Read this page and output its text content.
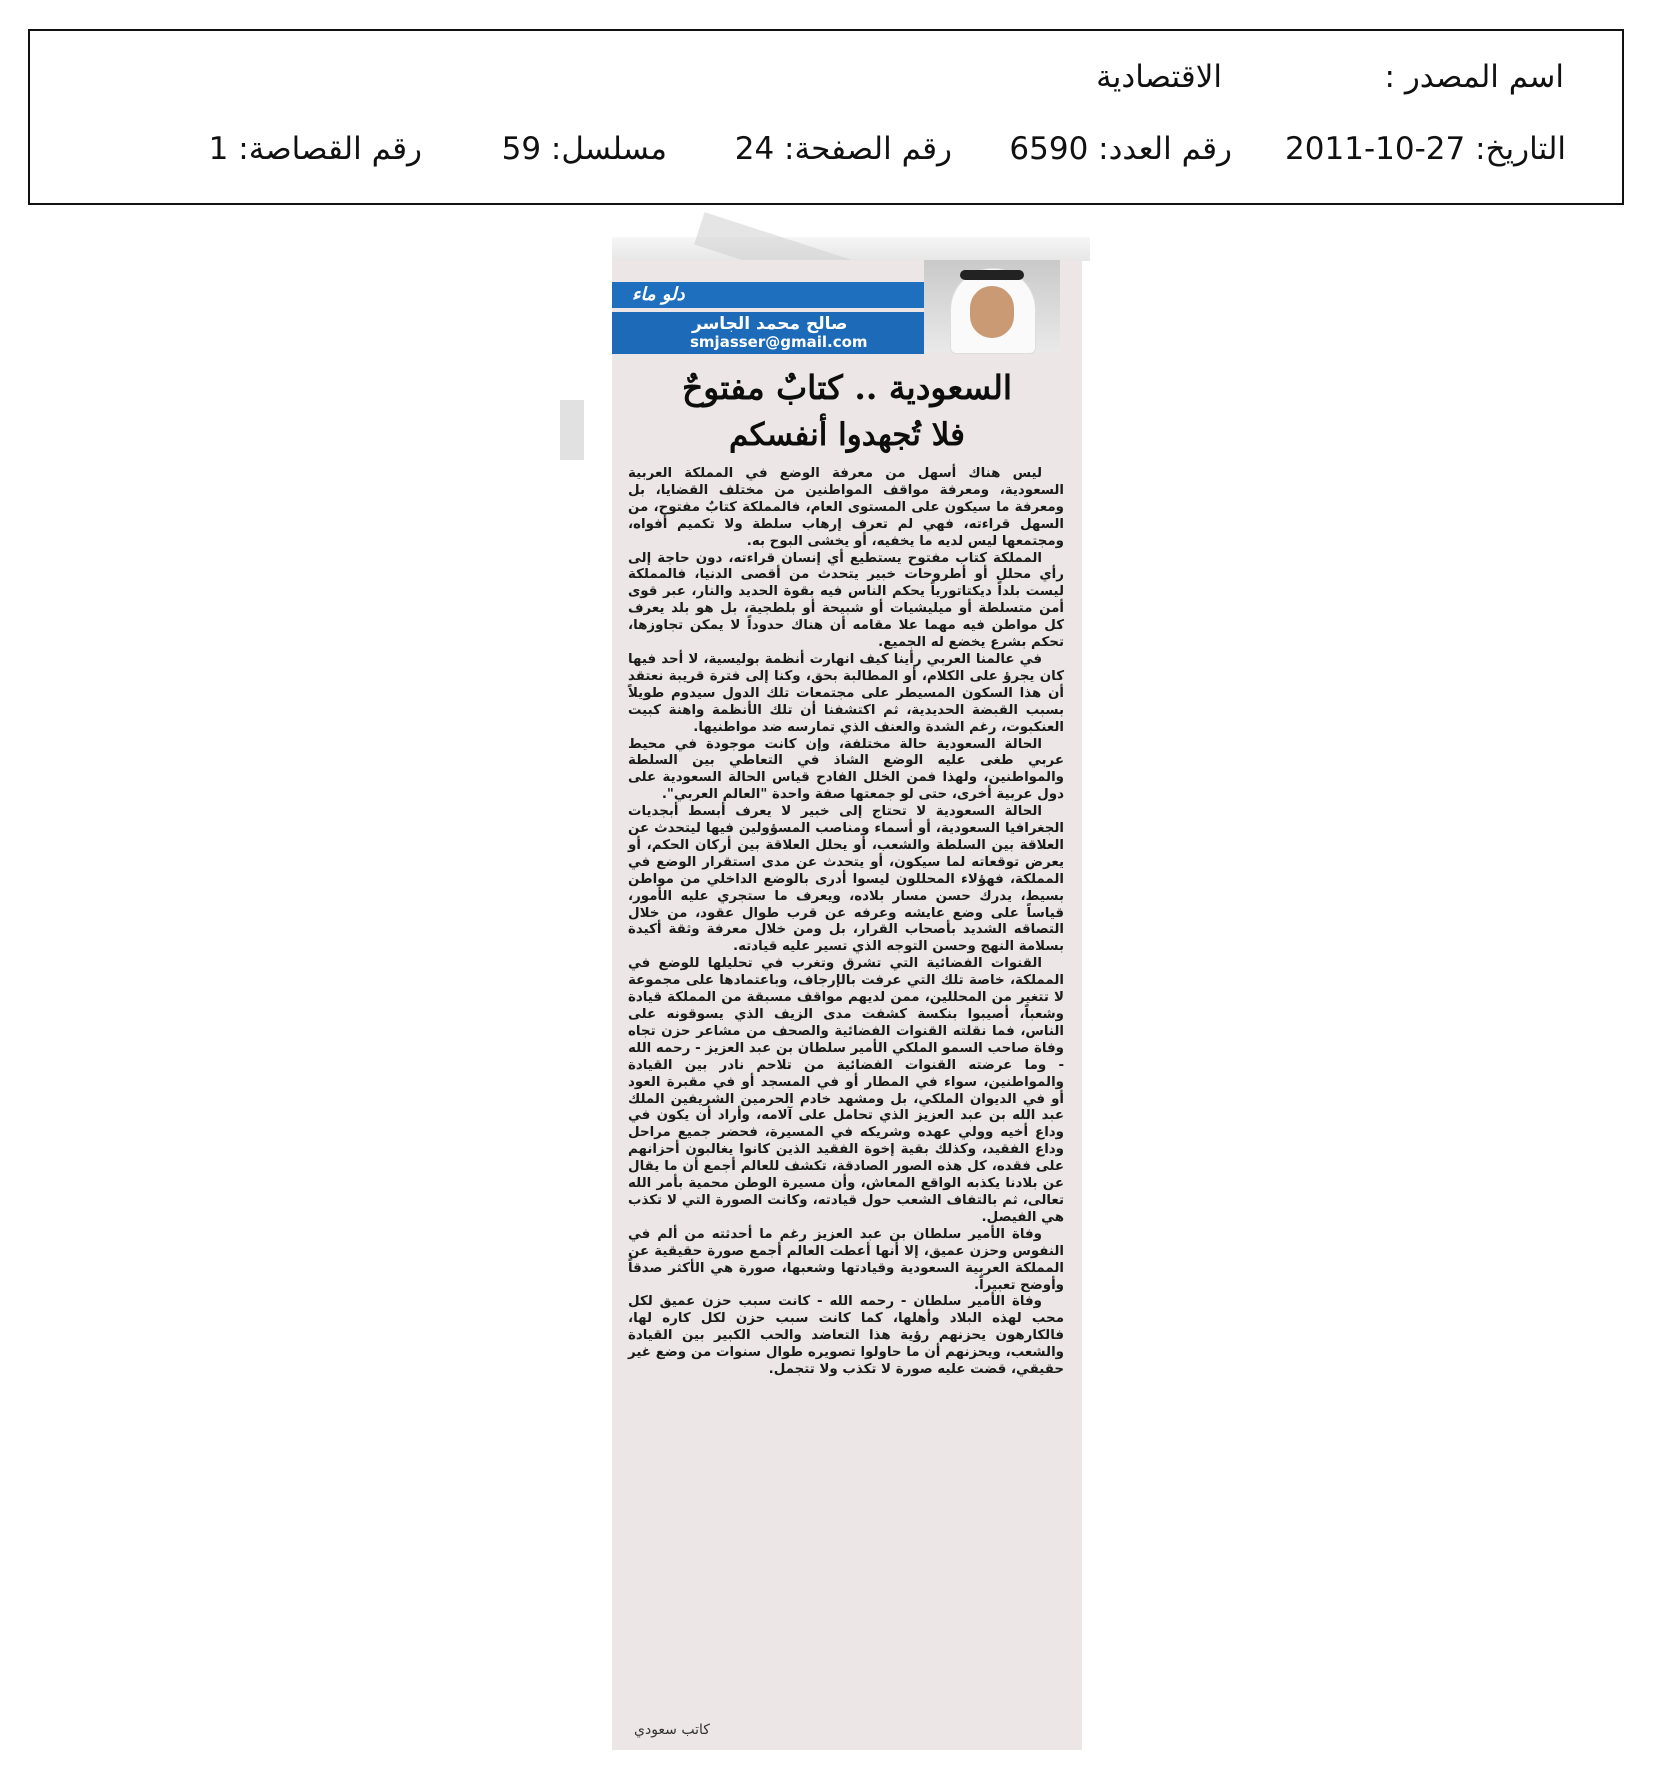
اسم المصدر :
الاقتصادية
التاريخ: 27-10-2011
رقم العدد: 6590
رقم الصفحة: 24
مسلسل: 59
رقم القصاصة: 1
دلو ماء
صالح محمد الجاسر
smjasser@gmail.com
السعودية .. كتابٌ مفتوحٌ
فلا تُجهدوا أنفسكم

ليس هناك أسهل من معرفة الوضع في المملكة العربية السعودية، ومعرفة مواقف المواطنين من مختلف القضايا، بل ومعرفة ما سيكون على المستوى العام، فالمملكة كتابٌ مفتوح، من السهل قراءته، فهي لم تعرف إرهاب سلطة ولا تكميم أفواه، ومجتمعها ليس لديه ما يخفيه، أو يخشى البوح به.

المملكة كتاب مفتوح يستطيع أي إنسان قراءته، دون حاجة إلى رأي محلل أو أطروحات خبير يتحدث من أقصى الدنيا، فالمملكة ليست بلداً ديكتاتورياً يحكم الناس فيه بقوة الحديد والنار، عبر قوى أمن متسلطة أو ميليشيات أو شبيحة أو بلطجية، بل هو بلد يعرف كل مواطن فيه مهما علا مقامه أن هناك حدوداً لا يمكن تجاوزها، تحكم بشرع يخضع له الجميع.

في عالمنا العربي رأينا كيف انهارت أنظمة بوليسية، لا أحد فيها كان يجرؤ على الكلام، أو المطالبة بحق، وكنا إلى فترة قريبة نعتقد أن هذا السكون المسيطر على مجتمعات تلك الدول سيدوم طويلاً بسبب القبضة الحديدية، ثم اكتشفنا أن تلك الأنظمة واهنة كبيت العنكبوت، رغم الشدة والعنف الذي تمارسه ضد مواطنيها.

الحالة السعودية حالة مختلفة، وإن كانت موجودة في محيط عربي طغى عليه الوضع الشاذ في التعاطي بين السلطة والمواطنين، ولهذا فمن الخلل الفادح قياس الحالة السعودية على دول عربية أخرى، حتى لو جمعتها صفة واحدة "العالم العربي".

الحالة السعودية لا تحتاج إلى خبير لا يعرف أبسط أبجديات الجغرافيا السعودية، أو أسماء ومناصب المسؤولين فيها ليتحدث عن العلاقة بين السلطة والشعب، أو يحلل العلاقة بين أركان الحكم، أو يعرض توقعاته لما سيكون، أو يتحدث عن مدى استقرار الوضع في المملكة، فهؤلاء المحللون ليسوا أدرى بالوضع الداخلي من مواطن بسيط، يدرك حسن مسار بلاده، ويعرف ما ستجري عليه الأمور، قياساً على وضع عايشه وعرفه عن قرب طوال عقود، من خلال التصاقه الشديد بأصحاب القرار، بل ومن خلال معرفة وثقة أكيدة بسلامة النهج وحسن التوجه الذي تسير عليه قيادته.

القنوات الفضائية التي تشرق وتغرب في تحليلها للوضع في المملكة، خاصة تلك التي عرفت بالإرجاف، وباعتمادها على مجموعة لا تتغير من المحللين، ممن لديهم مواقف مسبقة من المملكة قيادة وشعباً، أصيبوا بنكسة كشفت مدى الزيف الذي يسوقونه على الناس، فما نقلته القنوات الفضائية والصحف من مشاعر حزن تجاه وفاة صاحب السمو الملكي الأمير سلطان بن عبد العزيز - رحمه الله - وما عرضته القنوات الفضائية من تلاحم نادر بين القيادة والمواطنين، سواء في المطار أو في المسجد أو في مقبرة العود أو في الديوان الملكي، بل ومشهد خادم الحرمين الشريفين الملك عبد الله بن عبد العزيز الذي تحامل على آلامه، وأراد أن يكون في وداع أخيه وولي عهده وشريكه في المسيرة، فحضر جميع مراحل وداع الفقيد، وكذلك بقية إخوة الفقيد الذين كانوا يغالبون أحزانهم على فقده، كل هذه الصور الصادقة، تكشف للعالم أجمع أن ما يقال عن بلادنا يكذبه الواقع المعاش، وأن مسيرة الوطن محمية بأمر الله تعالى، ثم بالتفاف الشعب حول قيادته، وكانت الصورة التي لا تكذب هي الفيصل.

وفاة الأمير سلطان بن عبد العزيز رغم ما أحدثته من ألم في النفوس وحزن عميق، إلا أنها أعطت العالم أجمع صورة حقيقية عن المملكة العربية السعودية وقيادتها وشعبها، صورة هي الأكثر صدقاً وأوضح تعبيراً.

وفاة الأمير سلطان - رحمه الله - كانت سبب حزن عميق لكل محب لهذه البلاد وأهلها، كما كانت سبب حزن لكل كاره لها، فالكارهون يحزنهم رؤية هذا التعاضد والحب الكبير بين القيادة والشعب، ويحزنهم أن ما حاولوا تصويره طوال سنوات من وضع غير حقيقي، قضت عليه صورة لا تكذب ولا تتجمل.

كاتب سعودي
